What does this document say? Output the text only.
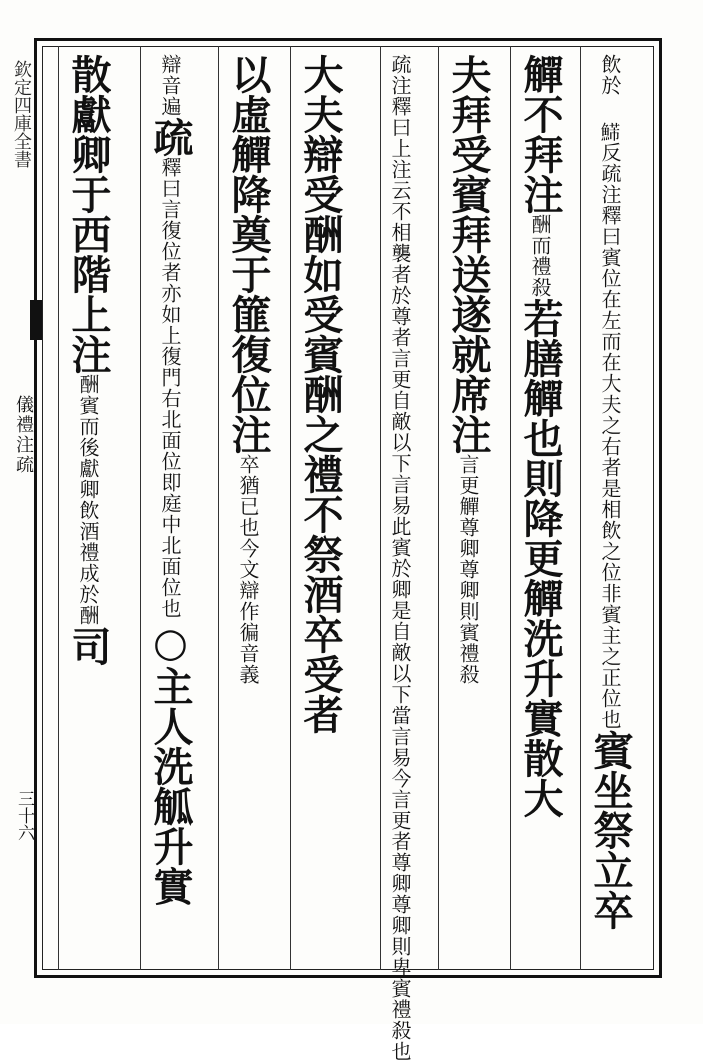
欽定四庫全書
儀禮注疏
三十六
飲於 𩹩反疏注釋曰賓位在左而在大夫之右者是相飲之位非賓主之正位也賓坐祭立卒
觶不拜注酬而禮殺若膳觶也則降更觶洗升實散大
夫拜受賓拜送遂就席注言更觶尊卿尊卿則賓禮殺
疏注釋曰上注云不相襲者於尊者言更自敵以下言易此賓於卿是自敵以下當言易今言更者尊卿尊卿則卑賓禮殺也
大夫辯受酬如受賓酬之禮不祭酒卒受者
以虛觶降奠于篚復位注卒猶已也今文辯作徧音義
辯音遍疏釋曰言復位者亦如上復門右北面位即庭中北面位也○主人洗觚升實
散獻卿于西階上注酬賓而後獻卿飲酒禮成於酬司
